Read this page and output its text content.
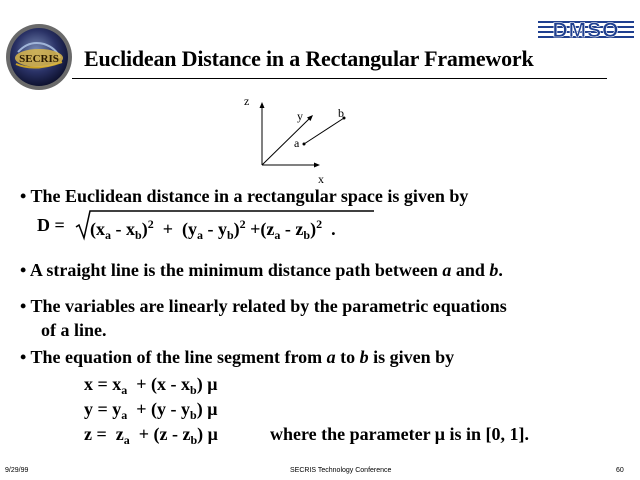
SECRIS
DMSO
Euclidean Distance in a Rectangular Framework
z
y	b
a
x
• The Euclidean distance in a rectangular space is given by
$D = (x_a - x_b)^2 + (y_a - y_b)^2 +(z_a - z_b)^2$  .
• A straight line is the minimum distance path between a and b.
• The variables are linearly related by the parametric equations
of a line.
• The equation of the line segment from a to b is given by
$x = x_a + (x - x_b)$ μ
$y = y_a + (y - y_b)$ μ
$z = z_a + (z - z_b)$ μ	where the parameter μ is in [0, 1].
9/29/99	SECRIS Technology Conference	60
